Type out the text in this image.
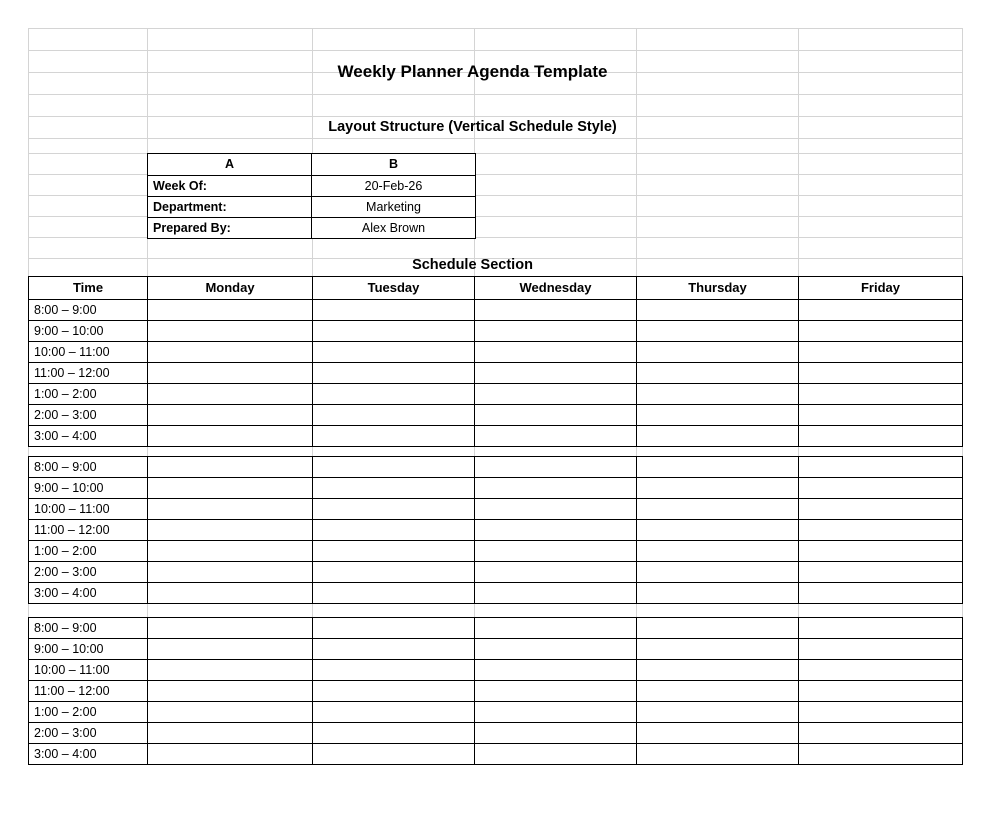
Weekly Planner Agenda Template
Layout Structure (Vertical Schedule Style)
Schedule Section
A	B
Week Of:	20-Feb-26
Department:	Marketing
Prepared By:	Alex Brown
Time	Monday	Tuesday	Wednesday	Thursday	Friday
8:00 – 9:00					
9:00 – 10:00					
10:00 – 11:00					
11:00 – 12:00					
1:00 – 2:00					
2:00 – 3:00					
3:00 – 4:00					
8:00 – 9:00					
9:00 – 10:00					
10:00 – 11:00					
11:00 – 12:00					
1:00 – 2:00					
2:00 – 3:00					
3:00 – 4:00					
8:00 – 9:00					
9:00 – 10:00					
10:00 – 11:00					
11:00 – 12:00					
1:00 – 2:00					
2:00 – 3:00					
3:00 – 4:00					
